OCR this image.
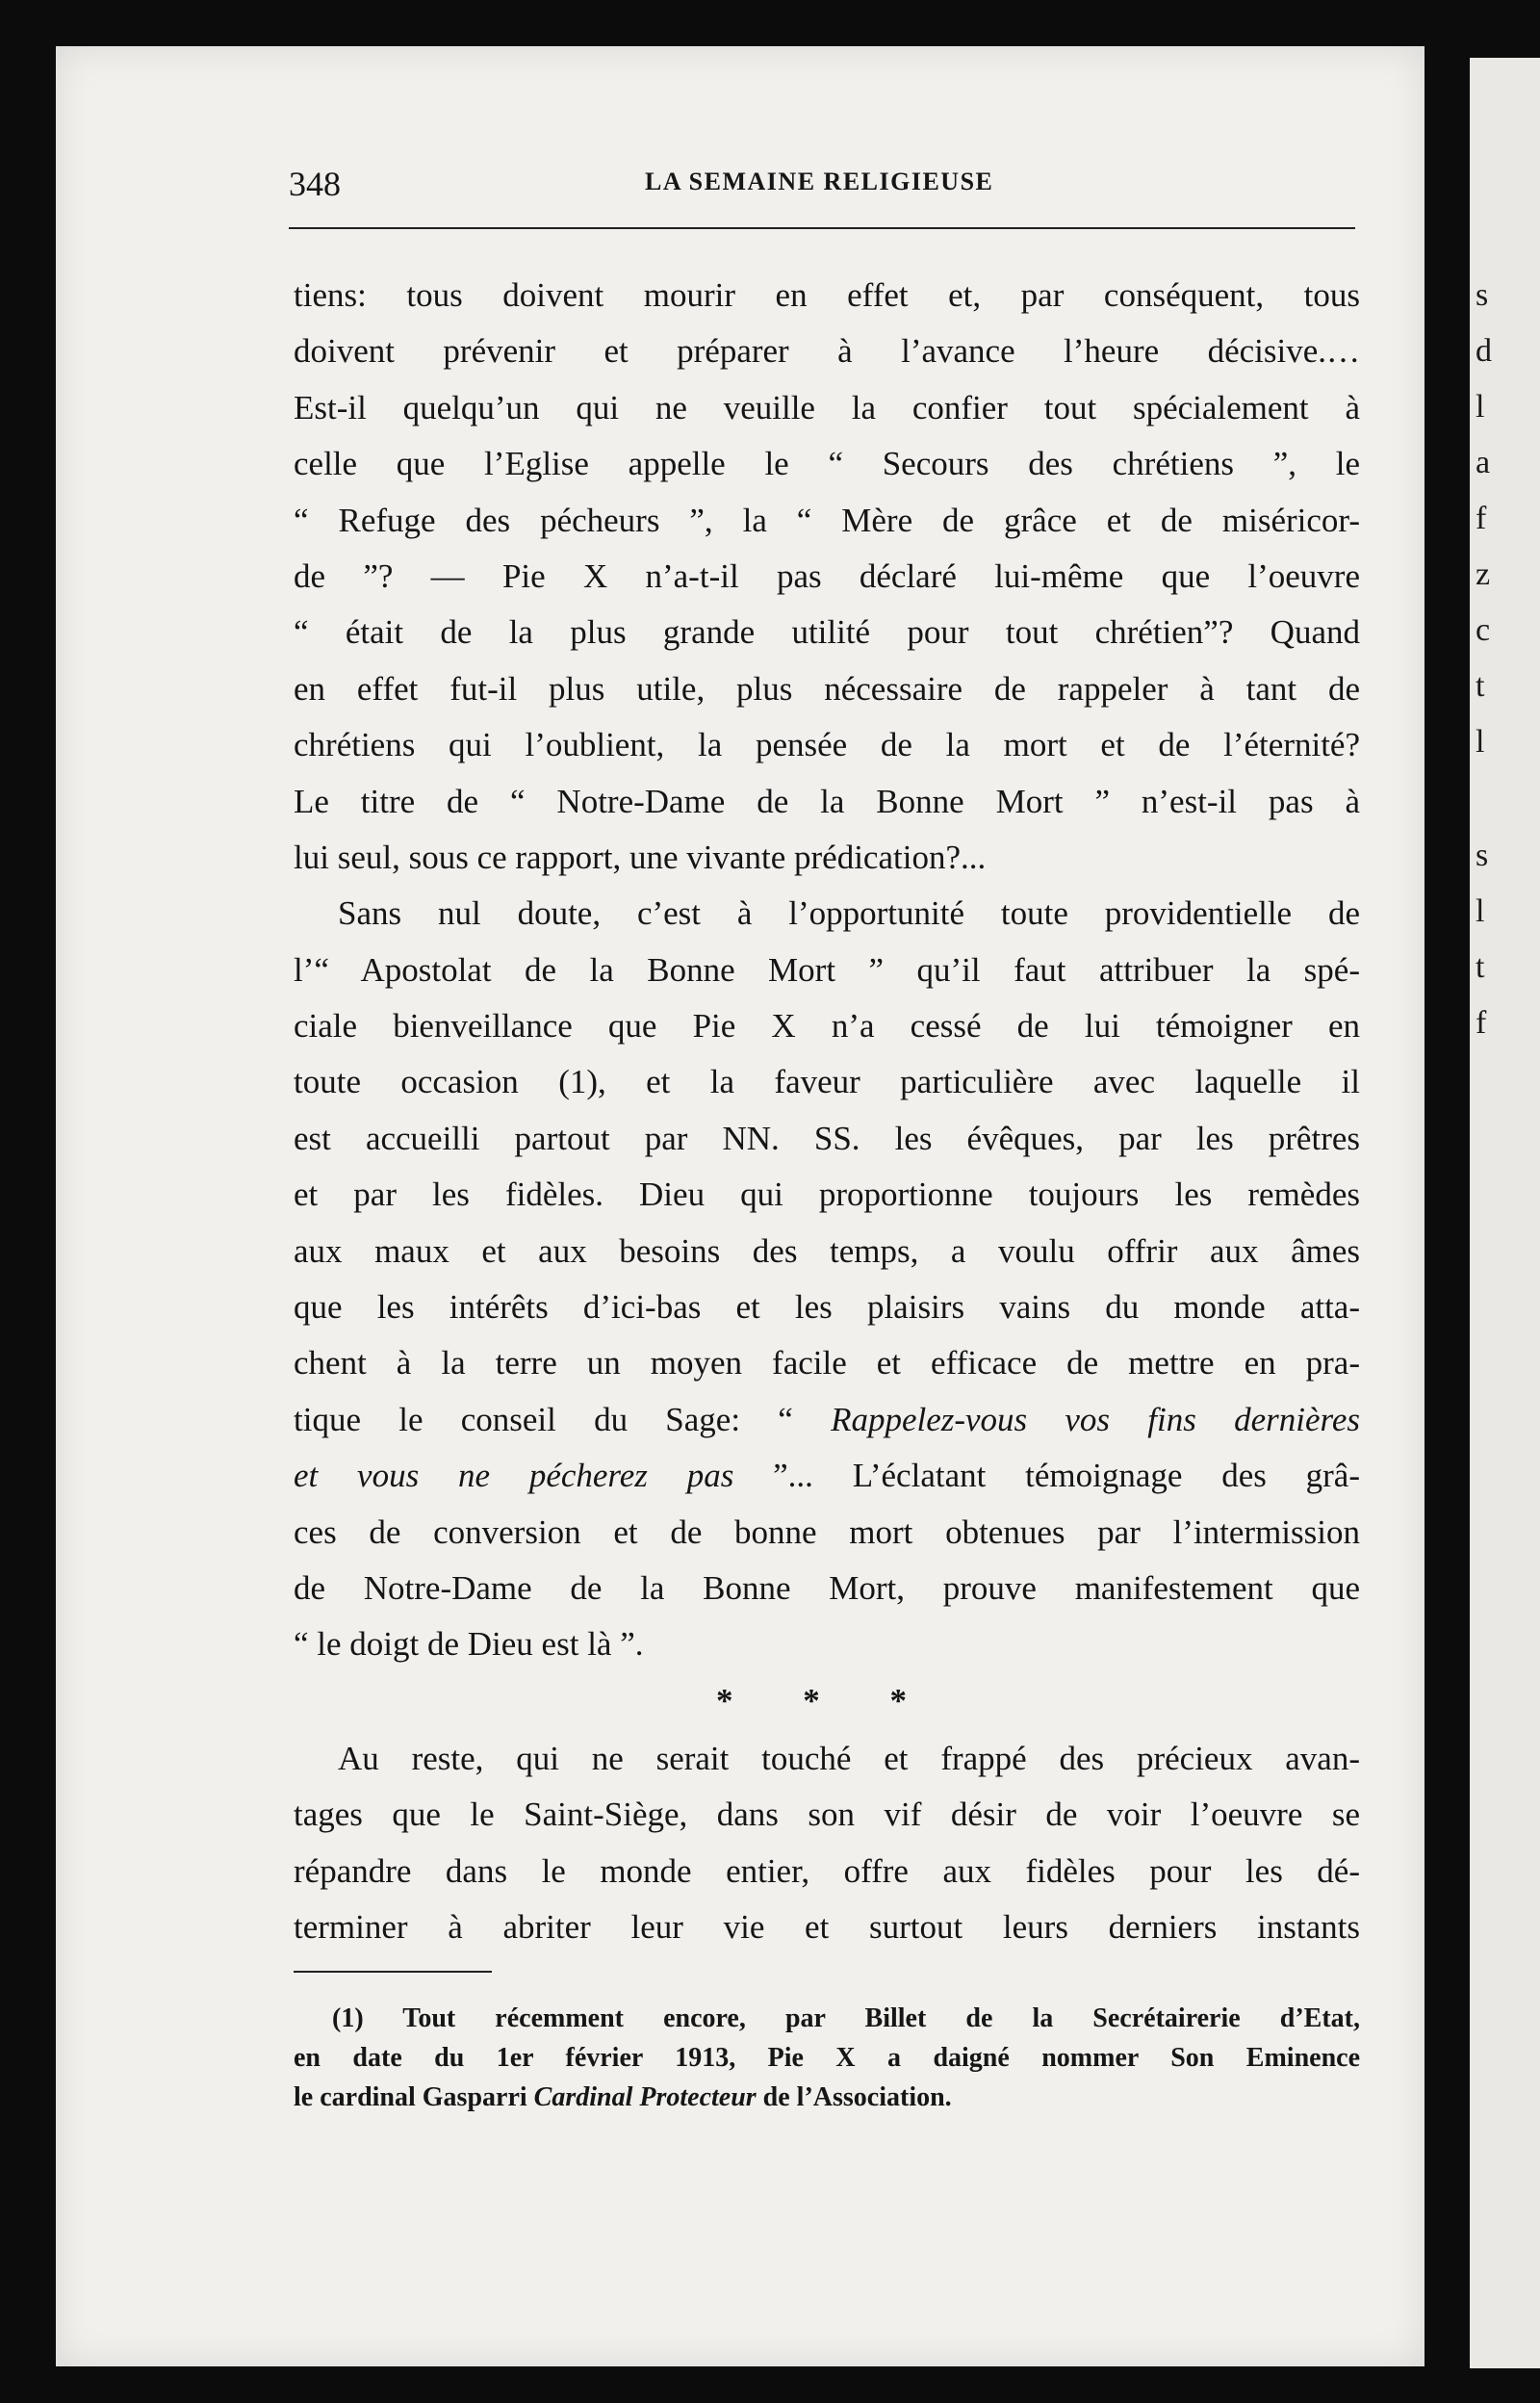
s
d
l
a
f
z
c
t
l
s
l
t
f
348	LA SEMAINE RELIGIEUSE
tiens: tous doivent mourir en effet et, par conséquent, tous
doivent prévenir et préparer à l’avance l’heure décisive.…
Est-il quelqu’un qui ne veuille la confier tout spécialement à
celle que l’Eglise appelle le “ Secours des chrétiens ”, le
“ Refuge des pécheurs ”, la “ Mère de grâce et de miséricor-
de ”? — Pie X n’a-t-il pas déclaré lui-même que l’oeuvre
“ était de la plus grande utilité pour tout chrétien”? Quand
en effet fut-il plus utile, plus nécessaire de rappeler à tant de
chrétiens qui l’oublient, la pensée de la mort et de l’éternité?
Le titre de “ Notre-Dame de la Bonne Mort ” n’est-il pas à
lui seul, sous ce rapport, une vivante prédication?...
Sans nul doute, c’est à l’opportunité toute providentielle de
l’“ Apostolat de la Bonne Mort ” qu’il faut attribuer la spé-
ciale bienveillance que Pie X n’a cessé de lui témoigner en
toute occasion (1), et la faveur particulière avec laquelle il
est accueilli partout par NN. SS. les évêques, par les prêtres
et par les fidèles. Dieu qui proportionne toujours les remèdes
aux maux et aux besoins des temps, a voulu offrir aux âmes
que les intérêts d’ici-bas et les plaisirs vains du monde atta-
chent à la terre un moyen facile et efficace de mettre en pra-
tique le conseil du Sage: “ Rappelez-vous vos fins dernières
et vous ne pécherez pas ”... L’éclatant témoignage des grâ-
ces de conversion et de bonne mort obtenues par l’intermission
de Notre-Dame de la Bonne Mort, prouve manifestement que
“ le doigt de Dieu est là ”.
* * *
Au reste, qui ne serait touché et frappé des précieux avan-
tages que le Saint-Siège, dans son vif désir de voir l’oeuvre se
répandre dans le monde entier, offre aux fidèles pour les dé-
terminer à abriter leur vie et surtout leurs derniers instants
(1) Tout récemment encore, par Billet de la Secrétairerie d’Etat,
en date du 1er février 1913, Pie X a daigné nommer Son Eminence
le cardinal Gasparri Cardinal Protecteur de l’Association.
